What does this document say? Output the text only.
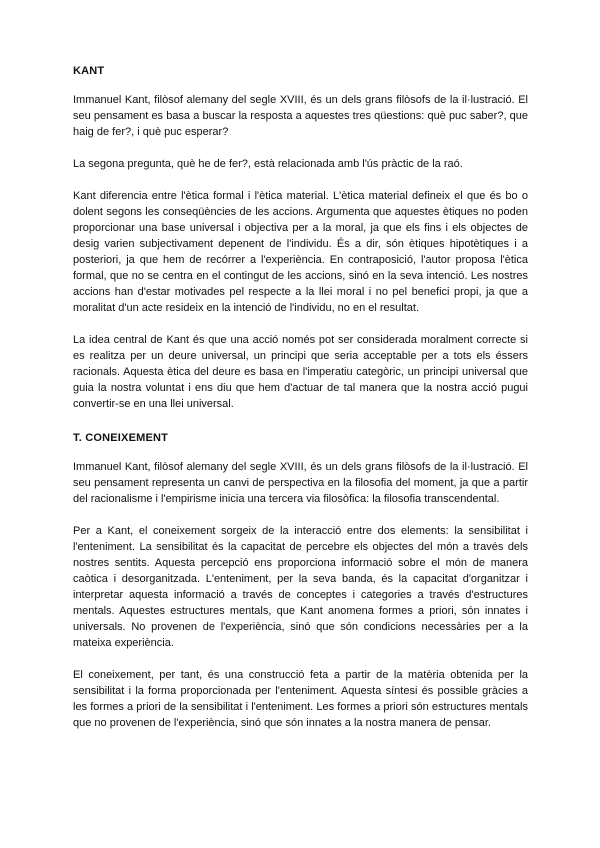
KANT

Immanuel Kant, filòsof alemany del segle XVIII, és un dels grans filòsofs de la il·lustració. El seu pensament es basa a buscar la resposta a aquestes tres qüestions: què puc saber?, que haig de fer?, i què puc esperar?

La segona pregunta, què he de fer?, està relacionada amb l'ús pràctic de la raó.

Kant diferencia entre l'ètica formal i l'ètica material. L'ètica material defineix el que és bo o dolent segons les conseqüències de les accions. Argumenta que aquestes ètiques no poden proporcionar una base universal i objectiva per a la moral, ja que els fins i els objectes de desig varien subjectivament depenent de l'individu. És a dir, són ètiques hipotètiques i a posteriori, ja que hem de recórrer a l'experiència. En contraposició, l'autor proposa l'ètica formal, que no se centra en el contingut de les accions, sinó en la seva intenció. Les nostres accions han d'estar motivades pel respecte a la llei moral i no pel benefici propi, ja que a moralitat d'un acte resideix en la intenció de l'individu, no en el resultat.

La idea central de Kant és que una acció només pot ser considerada moralment correcte si es realitza per un deure universal, un principi que seria acceptable per a tots els éssers racionals. Aquesta ètica del deure es basa en l'imperatiu categòric, un principi universal que guia la nostra voluntat i ens diu que hem d'actuar de tal manera que la nostra acció pugui convertir-se en una llei universal.

T. CONEIXEMENT

Immanuel Kant, filòsof alemany del segle XVIII, és un dels grans filòsofs de la il·lustració. El seu pensament representa un canvi de perspectiva en la filosofia del moment, ja que a partir del racionalisme i l'empirisme inicia una tercera via filosòfica: la filosofia transcendental.

Per a Kant, el coneixement sorgeix de la interacció entre dos elements: la sensibilitat i l'enteniment. La sensibilitat és la capacitat de percebre els objectes del món a través dels nostres sentits. Aquesta percepció ens proporciona informació sobre el món de manera caòtica i desorganitzada. L'enteniment, per la seva banda, és la capacitat d'organitzar i interpretar aquesta informació a través de conceptes i categories a través d'estructures mentals. Aquestes estructures mentals, que Kant anomena formes a priori, són innates i universals. No provenen de l'experiència, sinó que són condicions necessàries per a la mateixa experiència.

El coneixement, per tant, és una construcció feta a partir de la matèria obtenida per la sensibilitat i la forma proporcionada per l'enteniment. Aquesta síntesi és possible gràcies a les formes a priori de la sensibilitat i l'enteniment. Les formes a priori són estructures mentals que no provenen de l'experiència, sinó que són innates a la nostra manera de pensar.
